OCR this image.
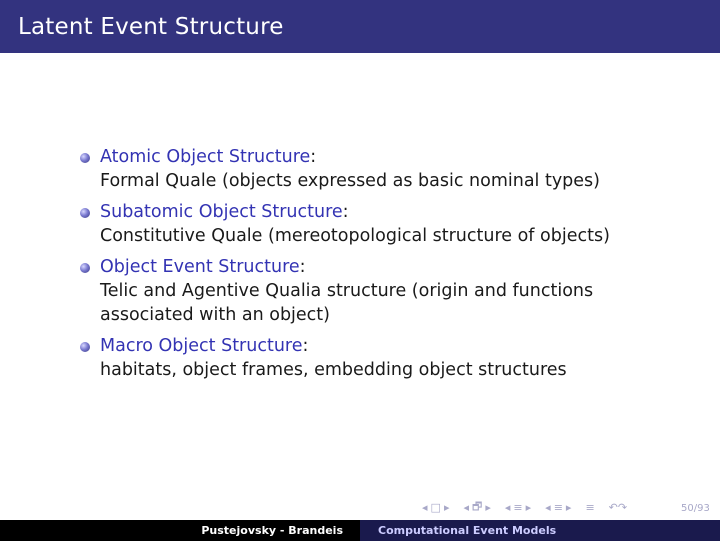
Latent Event Structure
Atomic Object Structure:
Formal Quale (objects expressed as basic nominal types)
Subatomic Object Structure:
Constitutive Quale (mereotopological structure of objects)
Object Event Structure:
Telic and Agentive Qualia structure (origin and functions
associated with an object)
Macro Object Structure:
habitats, object frames, embedding object structures
◂ □ ▸ ◂ 🗗 ▸ ◂ ≡ ▸ ◂ ≡ ▸ ≡ ↶↷	50/93
Pustejovsky - Brandeis	Computational Event Models
